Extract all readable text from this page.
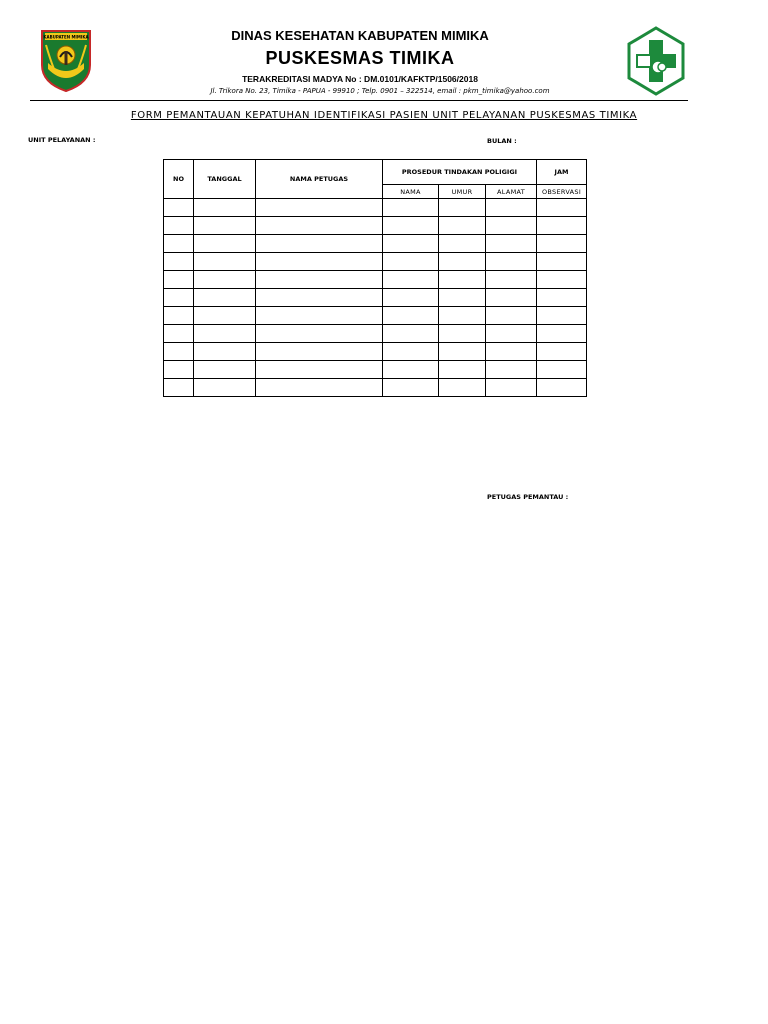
KABUPATEN MIMIKA	DINAS KESEHATAN KABUPATEN MIMIKA
PUSKESMAS TIMIKA
TERAKREDITASI MADYA No : DM.0101/KAFKTP/1506/2018
Jl. Trikora No. 23, Timika - PAPUA - 99910 ; Telp. 0901 – 322514, email : pkm_timika@yahoo.com
FORM PEMANTAUAN KEPATUHAN IDENTIFIKASI PASIEN UNIT PELAYANAN PUSKESMAS TIMIKA
UNIT PELAYANAN :	BULAN :
NO	TANGGAL	NAMA PETUGAS	PROSEDUR TINDAKAN POLIGIGI			JAM
			NAMA	UMUR	ALAMAT	OBSERVASI

PETUGAS PEMANTAU :
